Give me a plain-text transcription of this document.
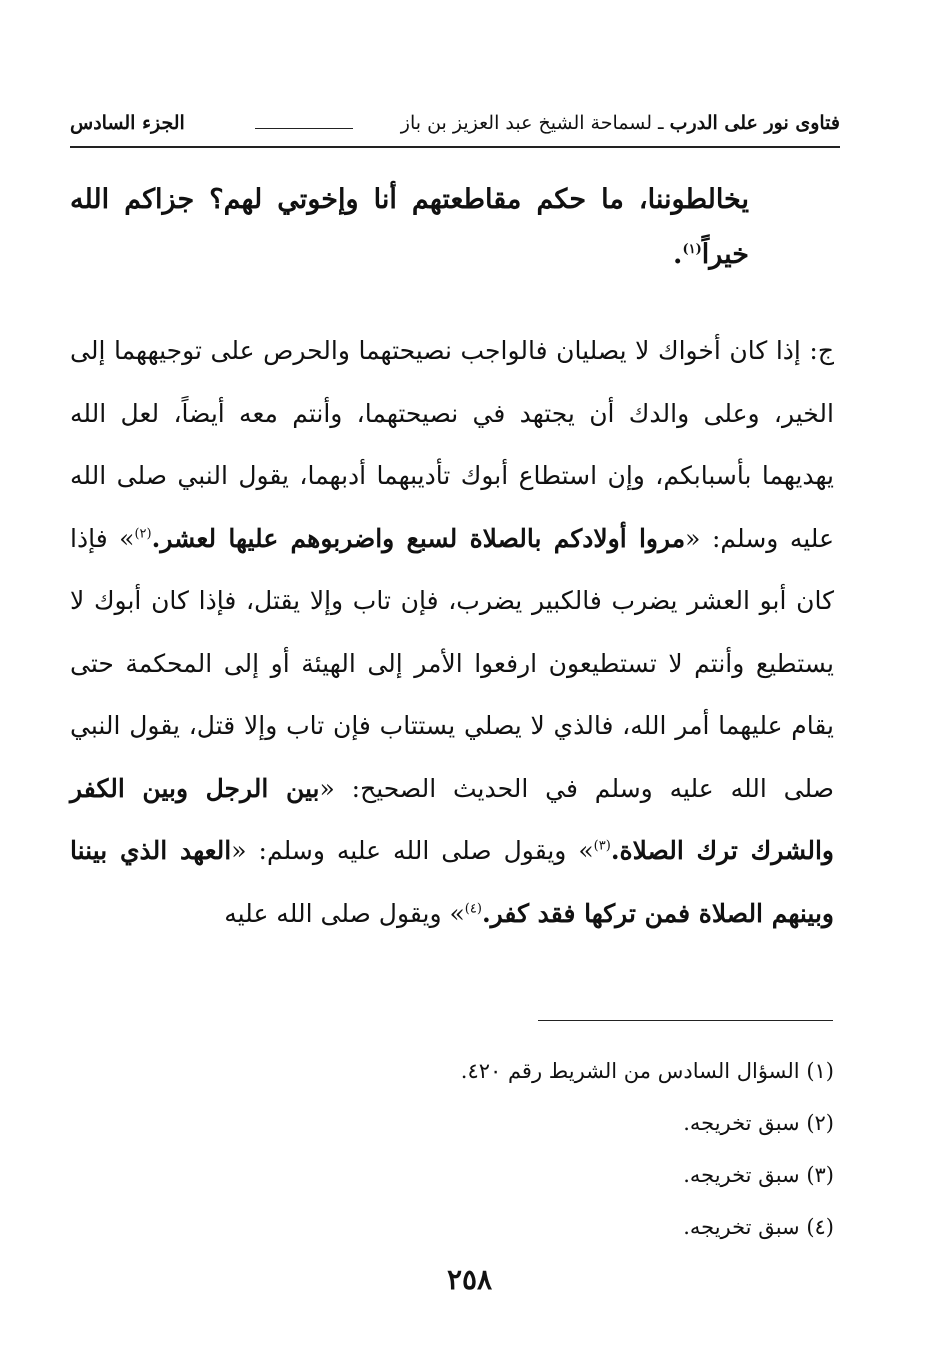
فتاوى نور على الدرب ـ لسماحة الشيخ عبد العزيز بن باز
الجزء السادس
يخالطوننا، ما حكم مقاطعتهم أنا وإخوتي لهم؟ جزاكم الله خيراً$^{(١)}$.
ج: إذا كان أخواك لا يصليان فالواجب نصيحتهما والحرص على توجيههما إلى الخير، وعلى والدك أن يجتهد في نصيحتهما، وأنتم معه أيضاً، لعل الله يهديهما بأسبابكم، وإن استطاع أبوك تأديبهما أدبهما، يقول النبي صلى الله عليه وسلم: «مروا أولادكم بالصلاة لسبع واضربوهم عليها لعشر.$^{(٢)}$» فإذا كان أبو العشر يضرب فالكبير يضرب، فإن تاب وإلا يقتل، فإذا كان أبوك لا يستطيع وأنتم لا تستطيعون ارفعوا الأمر إلى الهيئة أو إلى المحكمة حتى يقام عليهما أمر الله، فالذي لا يصلي يستتاب فإن تاب وإلا قتل، يقول النبي صلى الله عليه وسلم في الحديث الصحيح: «بين الرجل وبين الكفر والشرك ترك الصلاة.$^{(٣)}$» ويقول صلى الله عليه وسلم: «العهد الذي بيننا وبينهم الصلاة فمن تركها فقد كفر.$^{(٤)}$» ويقول صلى الله عليه
(١) السؤال السادس من الشريط رقم ٤٢٠.
(٢) سبق تخريجه.
(٣) سبق تخريجه.
(٤) سبق تخريجه.
٢٥٨
